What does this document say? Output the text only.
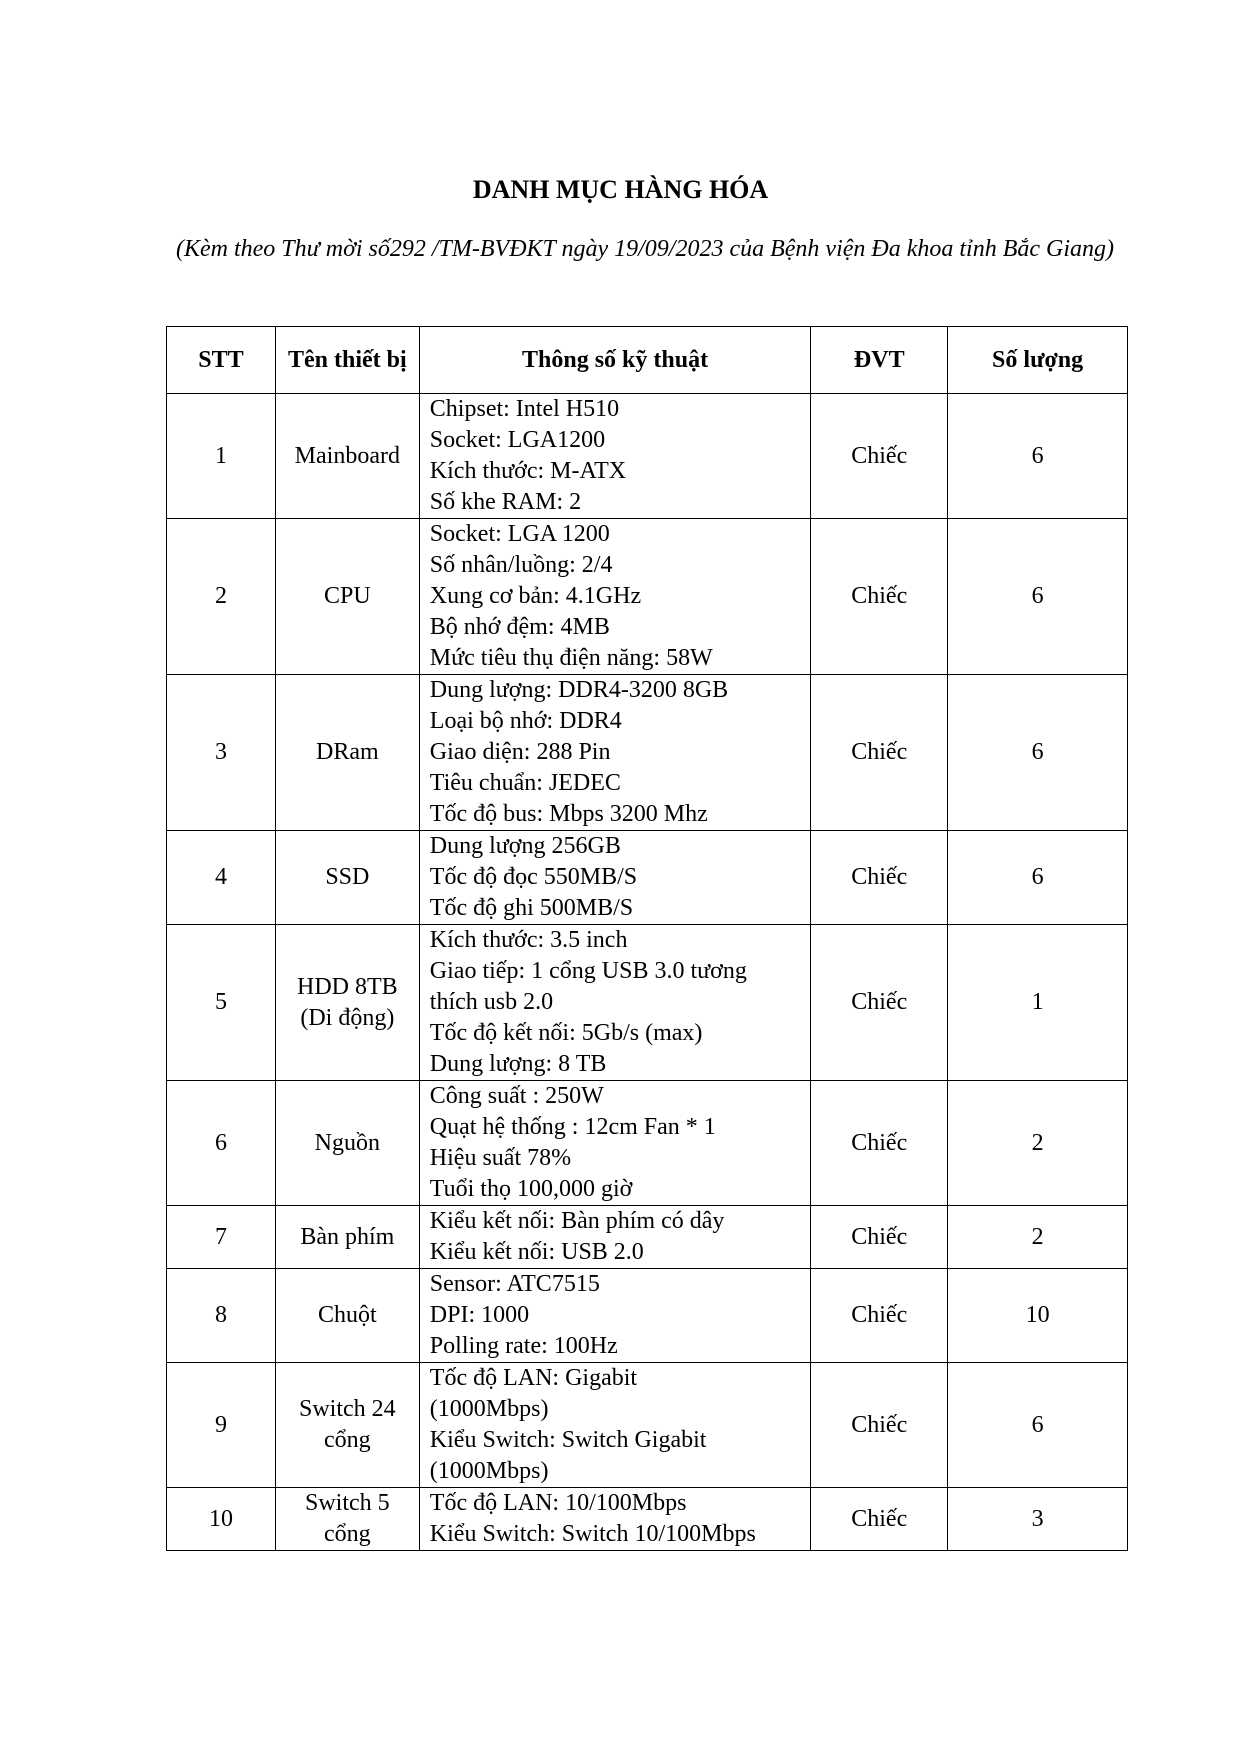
DANH MỤC HÀNG HÓA

(Kèm theo Thư mời số292 /TM-BVĐKT ngày 19/09/2023 của Bệnh viện Đa khoa tỉnh Bắc Giang)

STT	Tên thiết bị	Thông số kỹ thuật	ĐVT	Số lượng
1	Mainboard	Chipset: Intel H510
Socket: LGA1200
Kích thước: M-ATX
Số khe RAM: 2	Chiếc	6
2	CPU	Socket: LGA 1200
Số nhân/luồng: 2/4
Xung cơ bản: 4.1GHz
Bộ nhớ đệm: 4MB
Mức tiêu thụ điện năng: 58W	Chiếc	6
3	DRam	Dung lượng: DDR4-3200 8GB
Loại bộ nhớ: DDR4
Giao diện: 288 Pin
Tiêu chuẩn: JEDEC
Tốc độ bus: Mbps 3200 Mhz	Chiếc	6
4	SSD	Dung lượng 256GB
Tốc độ đọc 550MB/S
Tốc độ ghi 500MB/S	Chiếc	6
5	HDD 8TB
(Di động)	Kích thước: 3.5 inch
Giao tiếp: 1 cổng USB 3.0 tương
thích usb 2.0
Tốc độ kết nối: 5Gb/s (max)
Dung lượng: 8 TB	Chiếc	1
6	Nguồn	Công suất : 250W
Quạt hệ thống : 12cm Fan * 1
Hiệu suất 78%
Tuổi thọ 100,000 giờ	Chiếc	2
7	Bàn phím	Kiểu kết nối: Bàn phím có dây
Kiểu kết nối: USB 2.0	Chiếc	2
8	Chuột	Sensor: ATC7515
DPI: 1000
Polling rate: 100Hz	Chiếc	10
9	Switch 24
cổng	Tốc độ LAN: Gigabit
(1000Mbps)
Kiểu Switch: Switch Gigabit
(1000Mbps)	Chiếc	6
10	Switch 5
cổng	Tốc độ LAN: 10/100Mbps
Kiểu Switch: Switch 10/100Mbps	Chiếc	3
